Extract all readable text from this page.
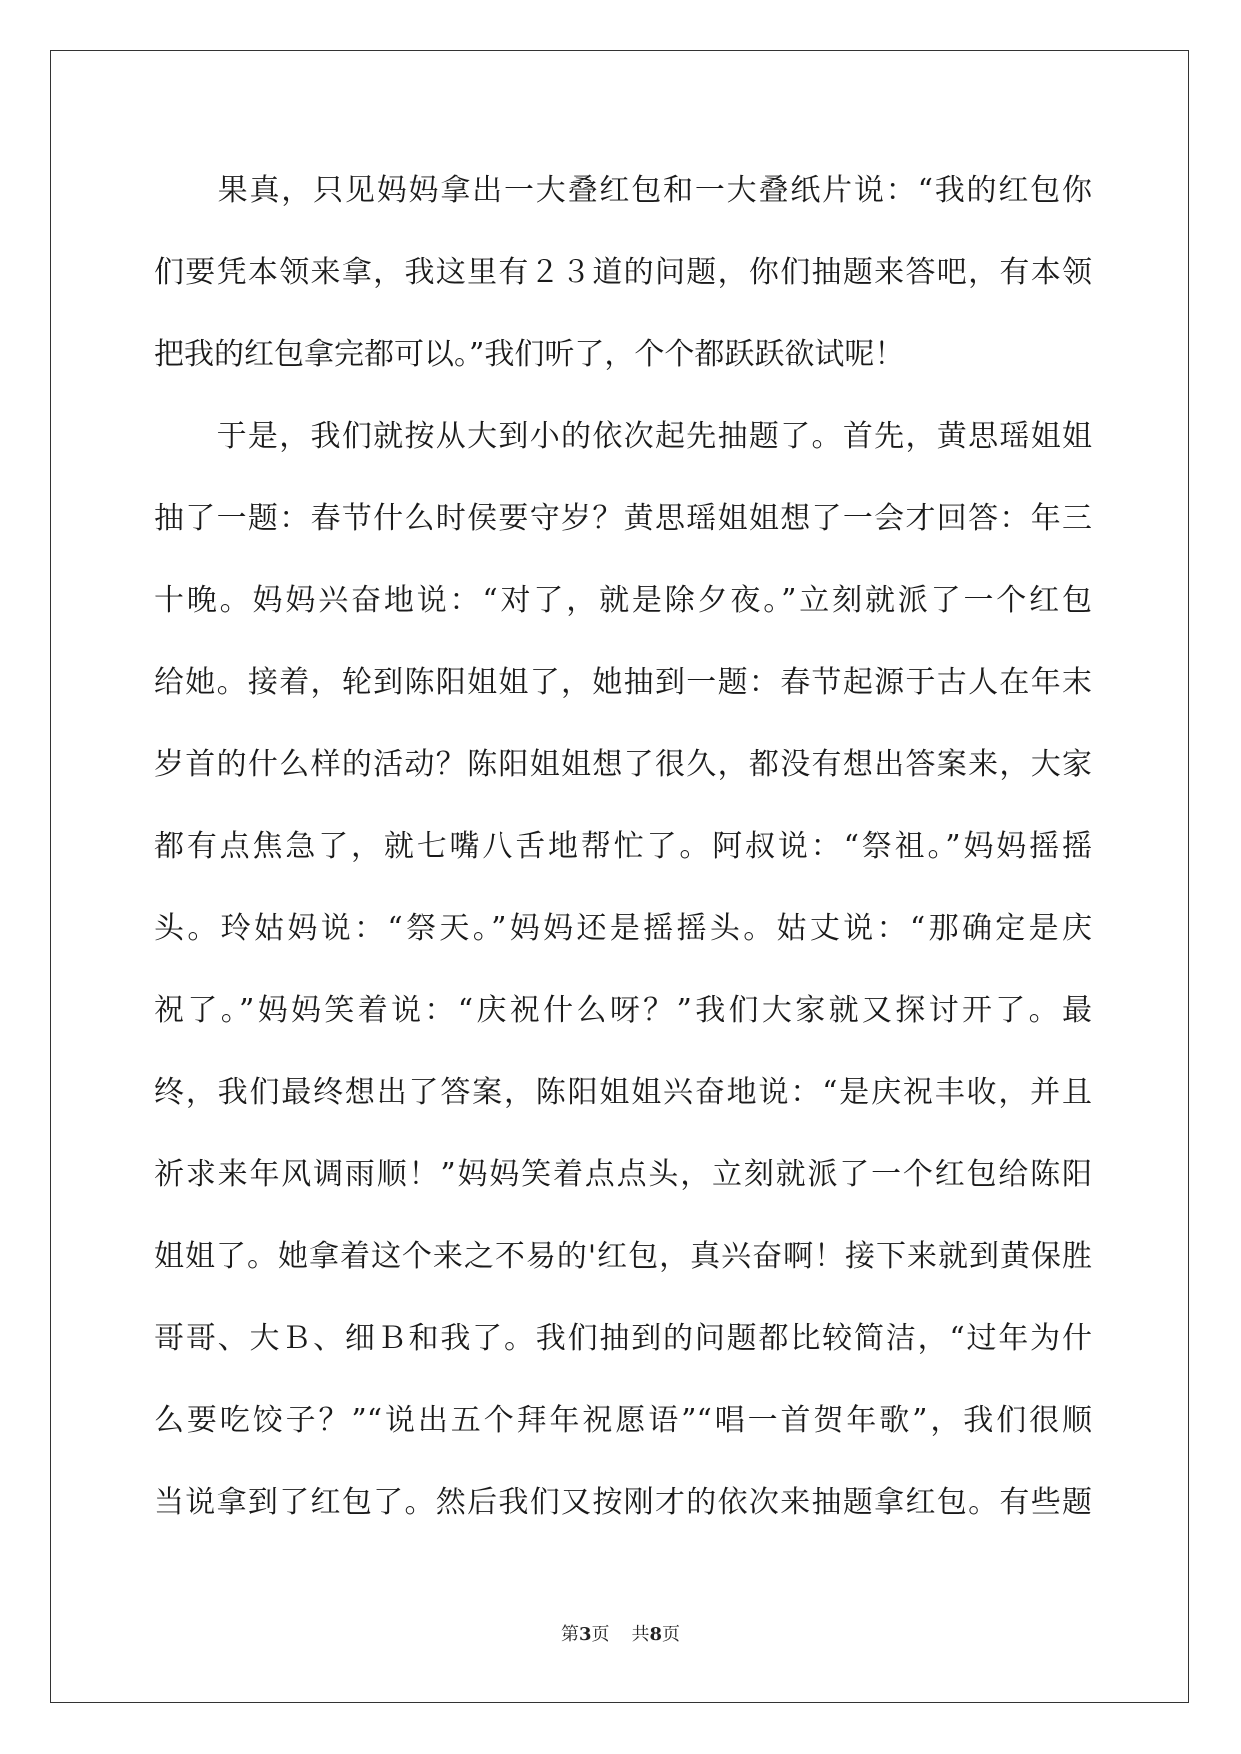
　　果真，只见妈妈拿出一大叠红包和一大叠纸片说：“我的红包你
们要凭本领来拿，我这里有２３道的问题，你们抽题来答吧，有本领
把我的红包拿完都可以。”我们听了，个个都跃跃欲试呢！
　　于是，我们就按从大到小的依次起先抽题了。首先，黄思瑶姐姐
抽了一题：春节什么时侯要守岁？黄思瑶姐姐想了一会才回答：年三
十晚。妈妈兴奋地说：“对了，就是除夕夜。”立刻就派了一个红包
给她。接着，轮到陈阳姐姐了，她抽到一题：春节起源于古人在年末
岁首的什么样的活动？陈阳姐姐想了很久，都没有想出答案来，大家
都有点焦急了，就七嘴八舌地帮忙了。阿叔说：“祭祖。”妈妈摇摇
头。玲姑妈说：“祭天。”妈妈还是摇摇头。姑丈说：“那确定是庆
祝了。”妈妈笑着说：“庆祝什么呀？”我们大家就又探讨开了。最
终，我们最终想出了答案，陈阳姐姐兴奋地说：“是庆祝丰收，并且
祈求来年风调雨顺！”妈妈笑着点点头，立刻就派了一个红包给陈阳
姐姐了。她拿着这个来之不易的'红包，真兴奋啊！接下来就到黄保胜
哥哥、大Ｂ、细Ｂ和我了。我们抽到的问题都比较简洁，“过年为什
么要吃饺子？”“说出五个拜年祝愿语”“唱一首贺年歌”，我们很顺
当说拿到了红包了。然后我们又按刚才的依次来抽题拿红包。有些题
第3页 共8页
